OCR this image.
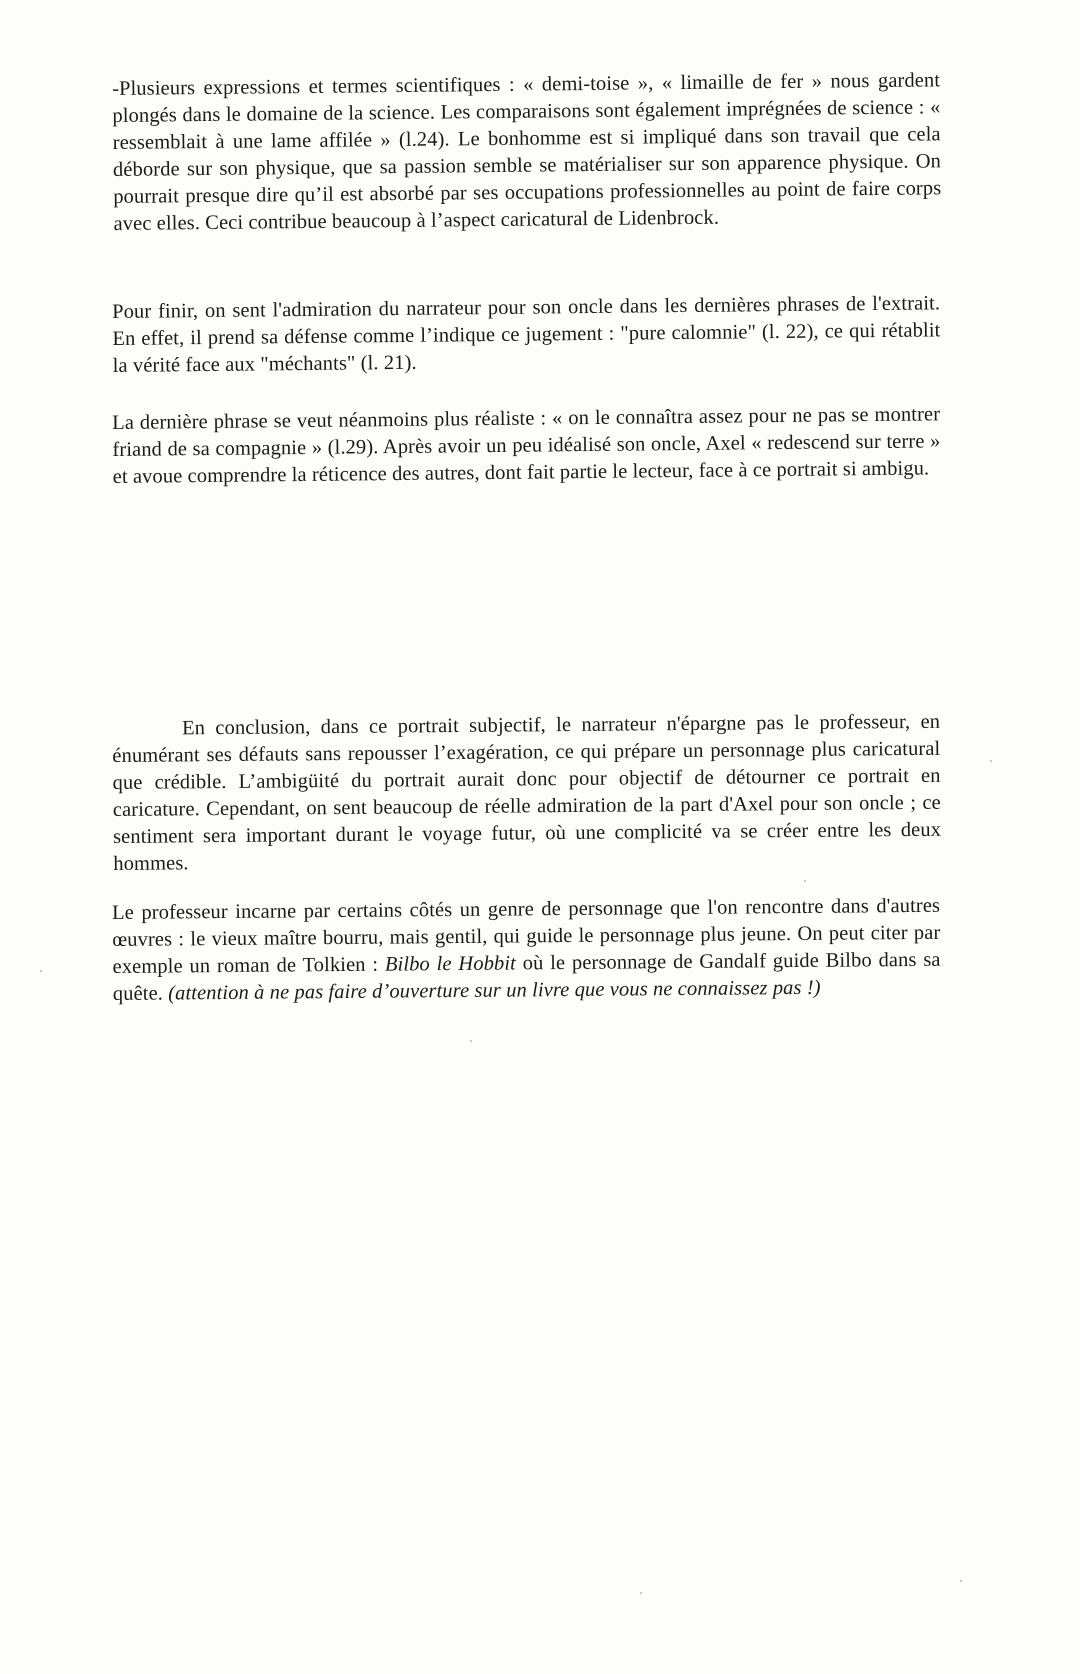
-Plusieurs expressions et termes scientifiques : « demi-toise », « limaille de fer » nous gardent plongés dans le domaine de la science. Les comparaisons sont également imprégnées de science : « ressemblait à une lame affilée » (l.24). Le bonhomme est si impliqué dans son travail que cela déborde sur son physique, que sa passion semble se matérialiser sur son apparence physique. On pourrait presque dire qu’il est absorbé par ses occupations professionnelles au point de faire corps avec elles. Ceci contribue beaucoup à l’aspect caricatural de Lidenbrock.

Pour finir, on sent l'admiration du narrateur pour son oncle dans les dernières phrases de l'extrait. En effet, il prend sa défense comme l’indique ce jugement : "pure calomnie" (l. 22), ce qui rétablit la vérité face aux "méchants" (l. 21).

La dernière phrase se veut néanmoins plus réaliste : « on le connaîtra assez pour ne pas se montrer friand de sa compagnie » (l.29). Après avoir un peu idéalisé son oncle, Axel « redescend sur terre » et avoue comprendre la réticence des autres, dont fait partie le lecteur, face à ce portrait si ambigu.

En conclusion, dans ce portrait subjectif, le narrateur n'épargne pas le professeur, en énumérant ses défauts sans repousser l’exagération, ce qui prépare un personnage plus caricatural que crédible. L’ambigüité du portrait aurait donc pour objectif de détourner ce portrait en caricature. Cependant, on sent beaucoup de réelle admiration de la part d'Axel pour son oncle ; ce sentiment sera important durant le voyage futur, où une complicité va se créer entre les deux hommes.

Le professeur incarne par certains côtés un genre de personnage que l'on rencontre dans d'autres œuvres : le vieux maître bourru, mais gentil, qui guide le personnage plus jeune. On peut citer par exemple un roman de Tolkien : Bilbo le Hobbit où le personnage de Gandalf guide Bilbo dans sa quête. (attention à ne pas faire d’ouverture sur un livre que vous ne connaissez pas !)
